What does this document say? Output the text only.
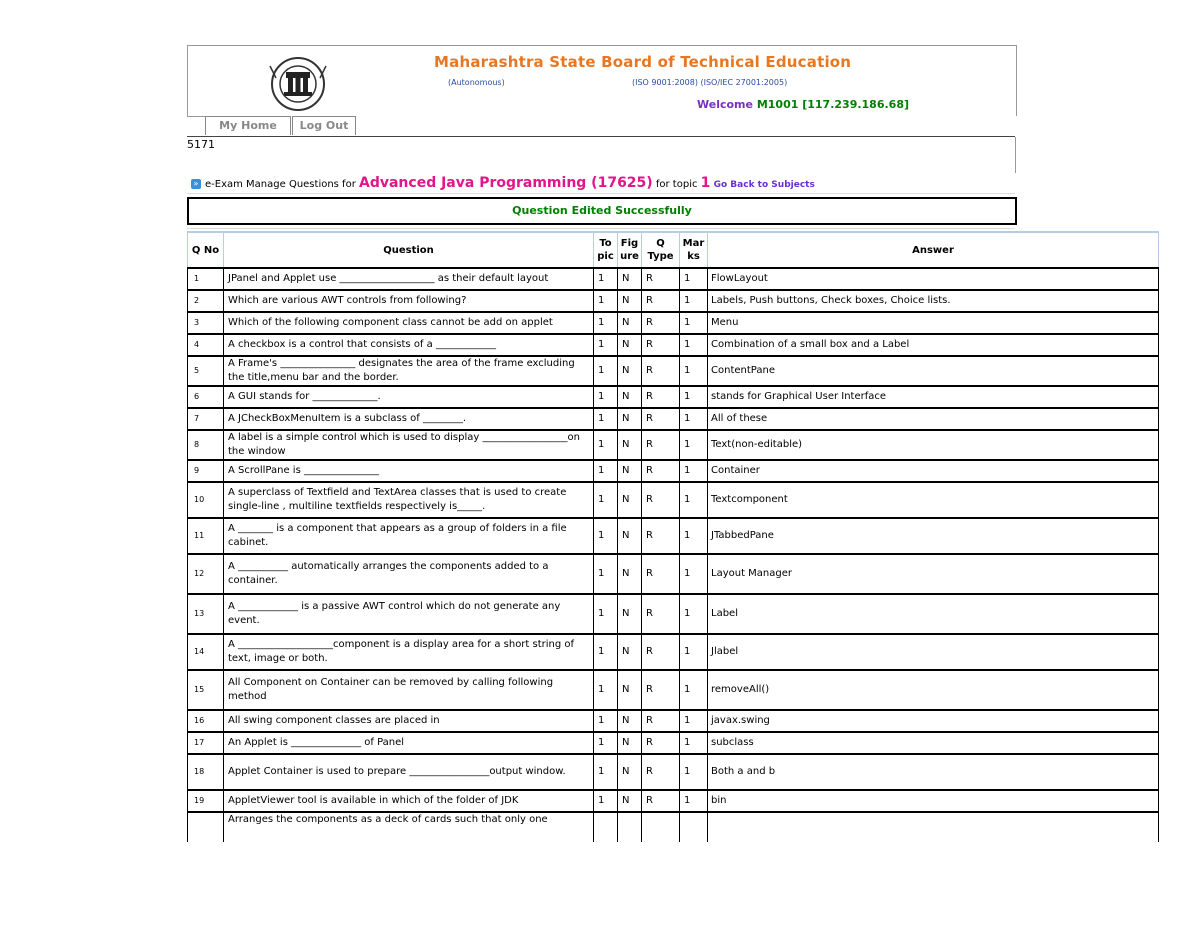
Maharashtra State Board of Technical Education
(Autonomous)	(ISO 9001:2008) (ISO/IEC 27001:2005)
Welcome M1001 [117.239.186.68]
My Home	Log Out
5171
» e-Exam Manage Questions for Advanced Java Programming (17625) for topic 1 Go Back to Subjects
Question Edited Successfully
Q No	Question	To pic	Fig ure	Q Type	Mar ks	Answer
1	JPanel and Applet use ___________________ as their default layout	1	N	R	1	FlowLayout
2	Which are various AWT controls from following?	1	N	R	1	Labels, Push buttons, Check boxes, Choice lists.
3	Which of the following component class cannot be add on applet	1	N	R	1	Menu
4	A checkbox is a control that consists of a ____________	1	N	R	1	Combination of a small box and a Label
5	A Frame's _______________ designates the area of the frame excluding the title,menu bar and the border.	1	N	R	1	ContentPane
6	A GUI stands for _____________.	1	N	R	1	stands for Graphical User Interface
7	A JCheckBoxMenuItem is a subclass of ________.	1	N	R	1	All of these
8	A label is a simple control which is used to display _________________on the window	1	N	R	1	Text(non-editable)
9	A ScrollPane is _______________	1	N	R	1	Container
10	A superclass of Textfield and TextArea classes that is used to create single-line , multiline textfields respectively is_____.	1	N	R	1	Textcomponent
11	A _______ is a component that appears as a group of folders in a file cabinet.	1	N	R	1	JTabbedPane
12	A __________ automatically arranges the components added to a container.	1	N	R	1	Layout Manager
13	A ____________ is a passive AWT control which do not generate any event.	1	N	R	1	Label
14	A ___________________component is a display area for a short string of text, image or both.	1	N	R	1	Jlabel
15	All Component on Container can be removed by calling following method	1	N	R	1	removeAll()
16	All swing component classes are placed in	1	N	R	1	javax.swing
17	An Applet is ______________ of Panel	1	N	R	1	subclass
18	Applet Container is used to prepare ________________output window.	1	N	R	1	Both a and b
19	AppletViewer tool is available in which of the folder of JDK	1	N	R	1	bin
	Arranges the components as a deck of cards such that only one					
